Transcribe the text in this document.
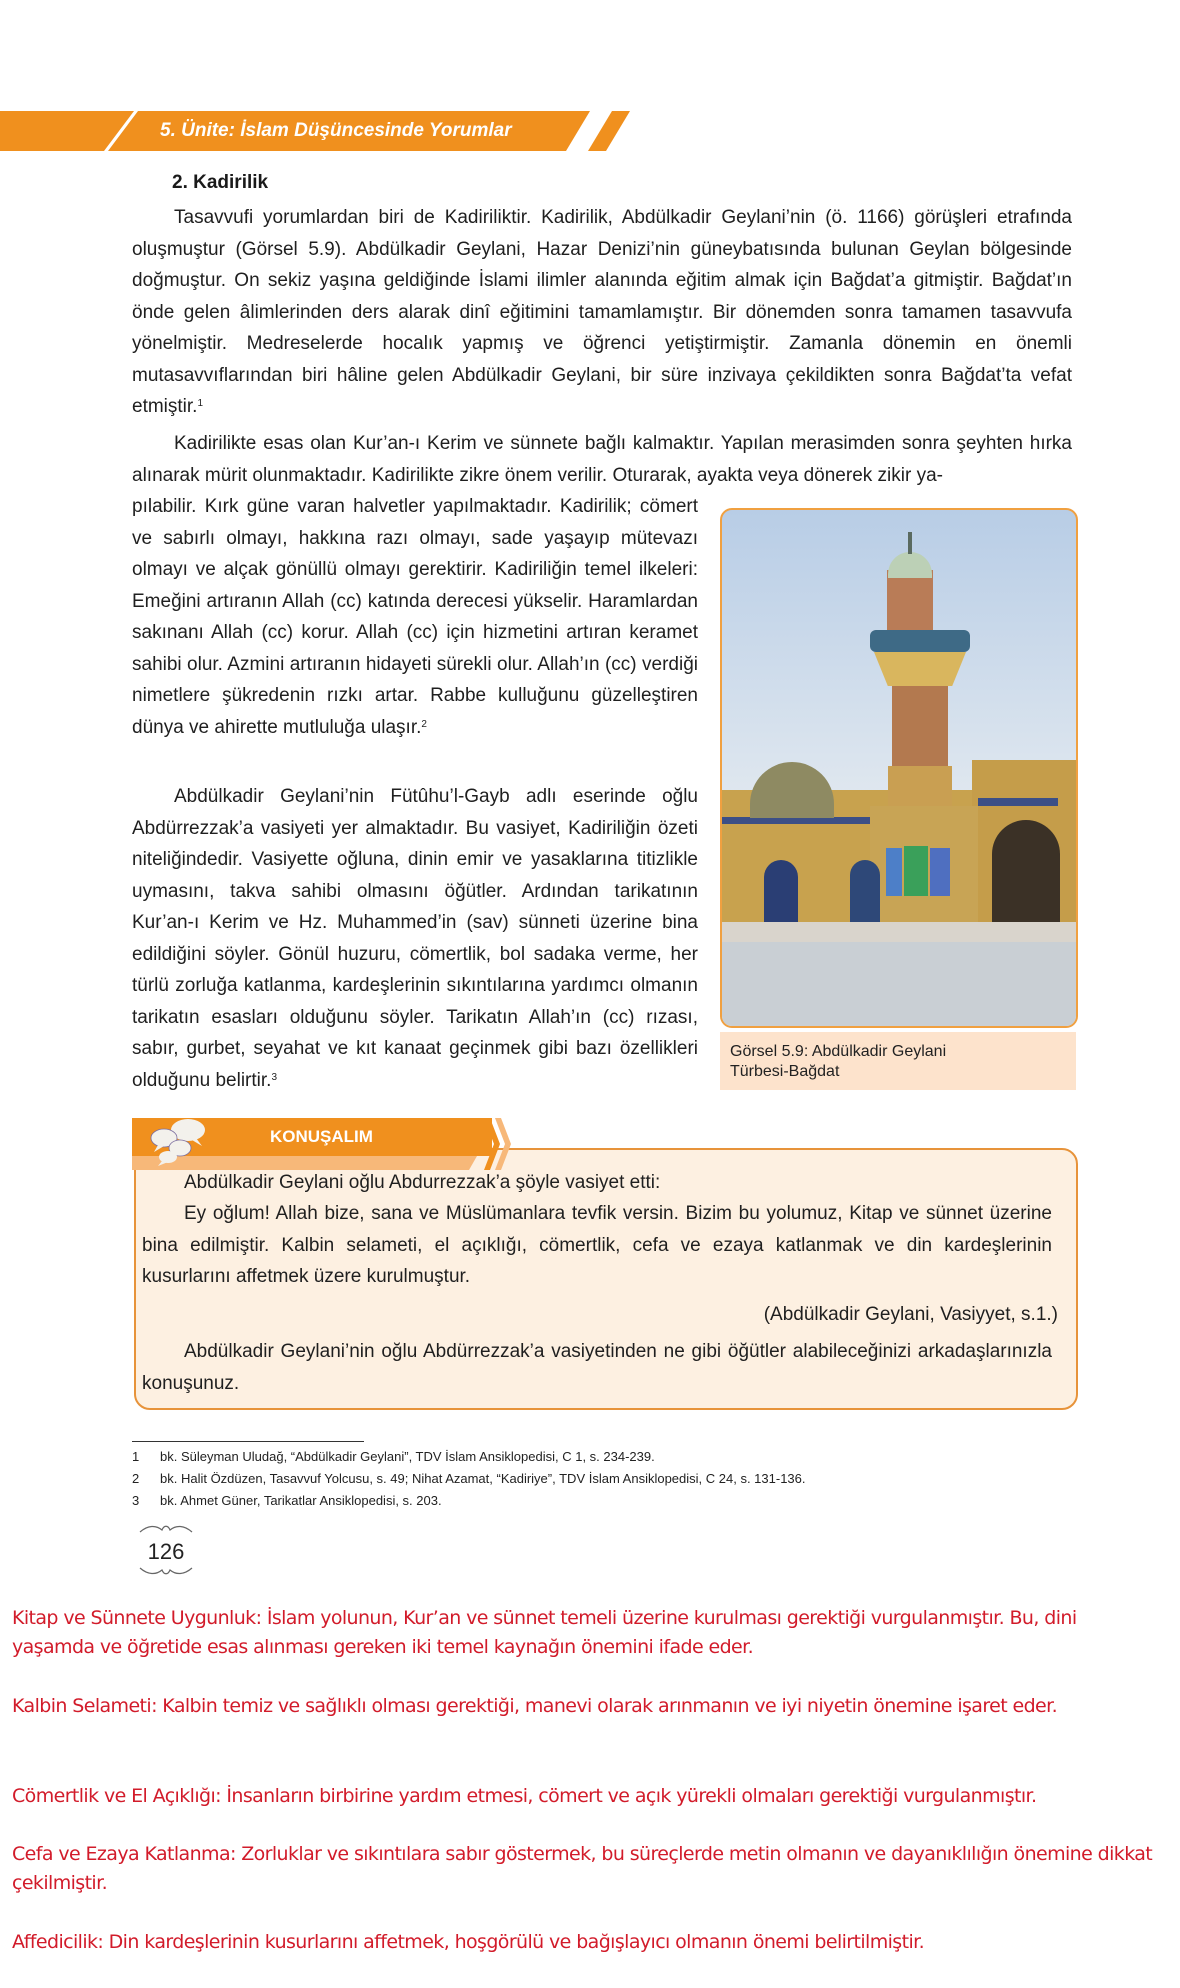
5. Ünite: İslam Düşüncesinde Yorumlar
2. Kadirilik

Tasavvufi yorumlardan biri de Kadiriliktir. Kadirilik, Abdülkadir Geylani’nin (ö. 1166) görüşleri etrafında oluşmuştur (Görsel 5.9). Abdülkadir Geylani, Hazar Denizi’nin güneybatısında bulunan Geylan bölgesinde doğmuştur. On sekiz yaşına geldiğinde İslami ilimler alanında eğitim almak için Bağdat’a gitmiştir. Bağdat’ın önde gelen âlimlerinden ders alarak dinî eğitimini tamamlamıştır. Bir dönemden sonra tamamen tasavvufa yönelmiştir. Medreselerde hocalık yapmış ve öğrenci yetiştirmiştir. Zamanla dönemin en önemli mutasavvıflarından biri hâline gelen Abdülkadir Geylani, bir süre inzivaya çekildikten sonra Bağdat’ta vefat etmiştir.$^1$

Kadirilikte esas olan Kur’an-ı Kerim ve sünnete bağlı kalmaktır. Yapılan merasimden sonra şeyhten hırka alınarak mürit olunmaktadır. Kadirilikte zikre önem verilir. Oturarak, ayakta veya dönerek zikir ya-

pılabilir. Kırk güne varan halvetler yapılmaktadır. Kadirilik; cömert ve sabırlı olmayı, hakkına razı olmayı, sade yaşayıp mütevazı olmayı ve alçak gönüllü olmayı gerektirir. Kadiriliğin temel ilkeleri: Emeğini artıranın Allah (cc) katında derecesi yükselir. Haramlardan sakınanı Allah (cc) korur. Allah (cc) için hizmetini artıran keramet sahibi olur. Azmini artıranın hidayeti sürekli olur. Allah’ın (cc) verdiği nimetlere şükredenin rızkı artar. Rabbe kulluğunu güzelleştiren dünya ve ahirette mutluluğa ulaşır.$^2$

Abdülkadir Geylani’nin Fütûhu’l-Gayb adlı eserinde oğlu Abdürrezzak’a vasiyeti yer almaktadır. Bu vasiyet, Kadiriliğin özeti niteliğindedir. Vasiyette oğluna, dinin emir ve yasaklarına titizlikle uymasını, takva sahibi olmasını öğütler. Ardından tarikatının Kur’an-ı Kerim ve Hz. Muhammed’in (sav) sünneti üzerine bina edildiğini söyler. Gönül huzuru, cömertlik, bol sadaka verme, her türlü zorluğa katlanma, kardeşlerinin sıkıntılarına yardımcı olmanın tarikatın esasları olduğunu söyler. Tarikatın Allah’ın (cc) rızası, sabır, gurbet, seyahat ve kıt kanaat geçinmek gibi bazı özellikleri olduğunu belirtir.$^3$

Görsel 5.9: Abdülkadir Geylani
Türbesi-Bağdat
KONUŞALIM

Abdülkadir Geylani oğlu Abdurrezzak’a şöyle vasiyet etti:

Ey oğlum! Allah bize, sana ve Müslümanlara tevfik versin. Bizim bu yolumuz, Kitap ve sünnet üzerine bina edilmiştir. Kalbin selameti, el açıklığı, cömertlik, cefa ve ezaya katlanmak ve din kardeşlerinin kusurlarını affetmek üzere kurulmuştur.

(Abdülkadir Geylani, Vasiyyet, s.1.)

Abdülkadir Geylani’nin oğlu Abdürrezzak’a vasiyetinden ne gibi öğütler alabileceğinizi arkadaşlarınızla konuşunuz.

1 bk. Süleyman Uludağ, “Abdülkadir Geylani”, TDV İslam Ansiklopedisi, C 1, s. 234-239.
2 bk. Halit Özdüzen, Tasavvuf Yolcusu, s. 49; Nihat Azamat, “Kadiriye”, TDV İslam Ansiklopedisi, C 24, s. 131-136.
3 bk. Ahmet Güner, Tarikatlar Ansiklopedisi, s. 203.
126

Kitap ve Sünnete Uygunluk: İslam yolunun, Kur’an ve sünnet temeli üzerine kurulması gerektiği vurgulanmıştır. Bu, dini yaşamda ve öğretide esas alınması gereken iki temel kaynağın önemini ifade eder.

Kalbin Selameti: Kalbin temiz ve sağlıklı olması gerektiği, manevi olarak arınmanın ve iyi niyetin önemine işaret eder.

Cömertlik ve El Açıklığı: İnsanların birbirine yardım etmesi, cömert ve açık yürekli olmaları gerektiği vurgulanmıştır.

Cefa ve Ezaya Katlanma: Zorluklar ve sıkıntılara sabır göstermek, bu süreçlerde metin olmanın ve dayanıklılığın önemine dikkat çekilmiştir.

Affedicilik: Din kardeşlerinin kusurlarını affetmek, hoşgörülü ve bağışlayıcı olmanın önemi belirtilmiştir.
